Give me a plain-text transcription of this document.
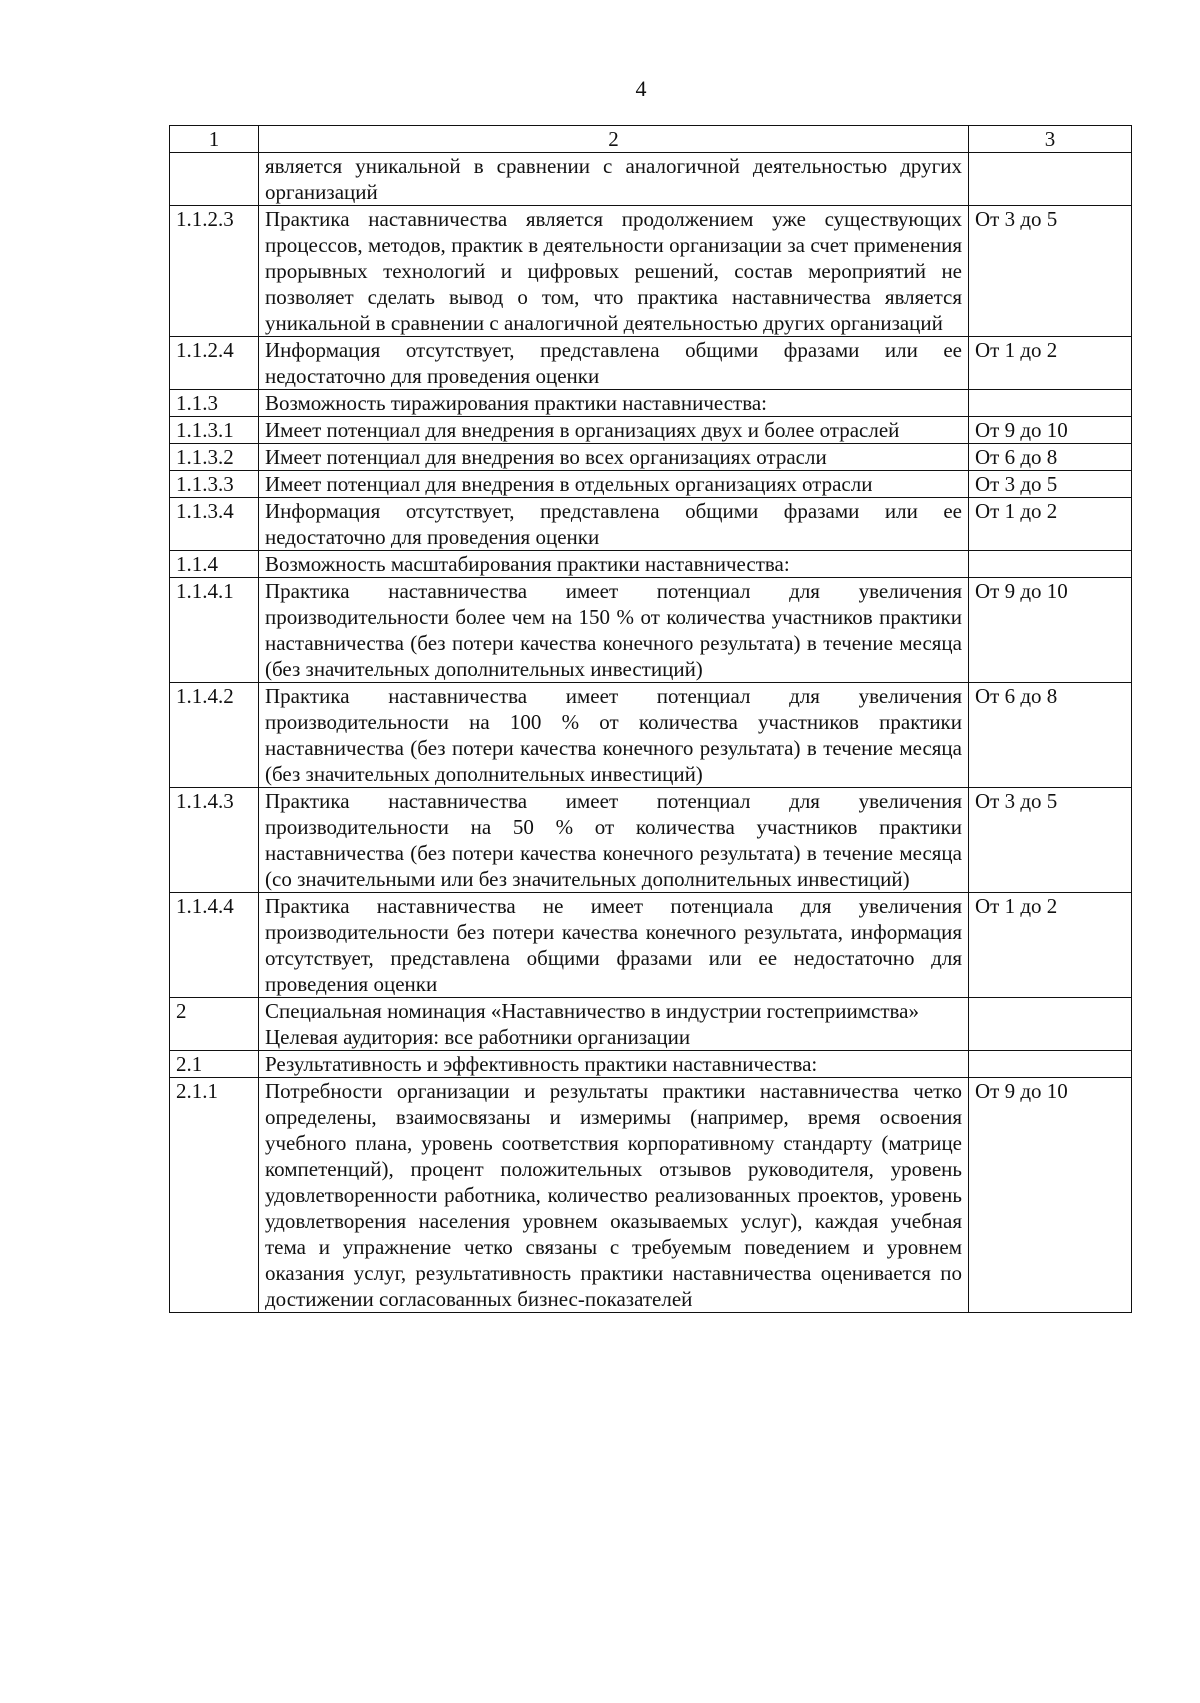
4
1	2	3
	является уникальной в сравнении с аналогичной деятельностью других организаций	
1.1.2.3	Практика наставничества является продолжением уже существующих процессов, методов, практик в деятельности организации за счет применения прорывных технологий и цифровых решений, состав мероприятий не позволяет сделать вывод о том, что практика наставничества является уникальной в сравнении с аналогичной деятельностью других организаций	От 3 до 5
1.1.2.4	Информация отсутствует, представлена общими фразами или ее недостаточно для проведения оценки	От 1 до 2
1.1.3	Возможность тиражирования практики наставничества:	
1.1.3.1	Имеет потенциал для внедрения в организациях двух и более отраслей	От 9 до 10
1.1.3.2	Имеет потенциал для внедрения во всех организациях отрасли	От 6 до 8
1.1.3.3	Имеет потенциал для внедрения в отдельных организациях отрасли	От 3 до 5
1.1.3.4	Информация отсутствует, представлена общими фразами или ее недостаточно для проведения оценки	От 1 до 2
1.1.4	Возможность масштабирования практики наставничества:	
1.1.4.1	Практика наставничества имеет потенциал для увеличения производительности более чем на 150 % от количества участников практики наставничества (без потери качества конечного результата) в течение месяца (без значительных дополнительных инвестиций)	От 9 до 10
1.1.4.2	Практика наставничества имеет потенциал для увеличения производительности на 100 % от количества участников практики наставничества (без потери качества конечного результата) в течение месяца (без значительных дополнительных инвестиций)	От 6 до 8
1.1.4.3	Практика наставничества имеет потенциал для увеличения производительности на 50 % от количества участников практики наставничества (без потери качества конечного результата) в течение месяца (со значительными или без значительных дополнительных инвестиций)	От 3 до 5
1.1.4.4	Практика наставничества не имеет потенциала для увеличения производительности без потери качества конечного результата, информация отсутствует, представлена общими фразами или ее недостаточно для проведения оценки	От 1 до 2
2	Специальная номинация «Наставничество в индустрии гостеприимства»
Целевая аудитория: все работники организации	

2.1	Результативность и эффективность практики наставничества:	
2.1.1	Потребности организации и результаты практики наставничества четко определены, взаимосвязаны и измеримы (например, время освоения учебного плана, уровень соответствия корпоративному стандарту (матрице компетенций), процент положительных отзывов руководителя, уровень удовлетворенности работника, количество реализованных проектов, уровень удовлетворения населения уровнем оказываемых услуг), каждая учебная тема и упражнение четко связаны с требуемым поведением и уровнем оказания услуг, результативность практики наставничества оценивается по достижении согласованных бизнес-показателей	От 9 до 10
